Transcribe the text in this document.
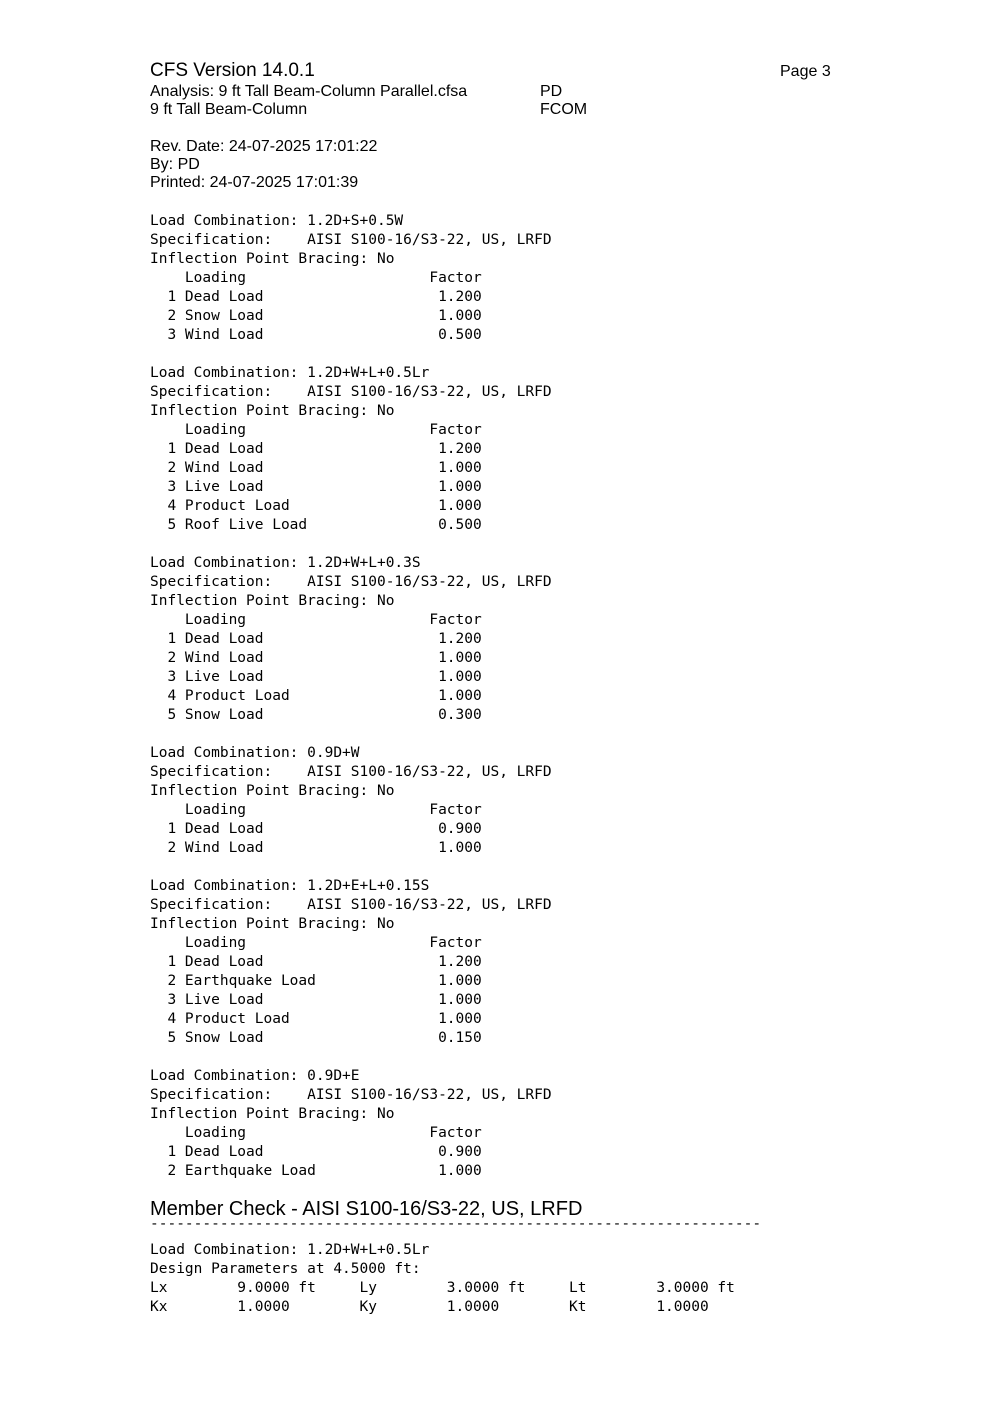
CFS Version 14.0.1	Page 3
Analysis: 9 ft Tall Beam-Column Parallel.cfsa	PD
9 ft Tall Beam-Column	FCOM
Rev. Date: 24-07-2025 17:01:22
By: PD
Printed: 24-07-2025 17:01:39
Load Combination: 1.2D+S+0.5W
Specification:    AISI S100-16/S3-22, US, LRFD
Inflection Point Bracing: No
Loading                     Factor
1 Dead Load                    1.200
2 Snow Load                    1.000
3 Wind Load                    0.500
Load Combination: 1.2D+W+L+0.5Lr
Specification:    AISI S100-16/S3-22, US, LRFD
Inflection Point Bracing: No
Loading                     Factor
1 Dead Load                    1.200
2 Wind Load                    1.000
3 Live Load                    1.000
4 Product Load                 1.000
5 Roof Live Load               0.500
Load Combination: 1.2D+W+L+0.3S
Specification:    AISI S100-16/S3-22, US, LRFD
Inflection Point Bracing: No
Loading                     Factor
1 Dead Load                    1.200
2 Wind Load                    1.000
3 Live Load                    1.000
4 Product Load                 1.000
5 Snow Load                    0.300
Load Combination: 0.9D+W
Specification:    AISI S100-16/S3-22, US, LRFD
Inflection Point Bracing: No
Loading                     Factor
1 Dead Load                    0.900
2 Wind Load                    1.000
Load Combination: 1.2D+E+L+0.15S
Specification:    AISI S100-16/S3-22, US, LRFD
Inflection Point Bracing: No
Loading                     Factor
1 Dead Load                    1.200
2 Earthquake Load              1.000
3 Live Load                    1.000
4 Product Load                 1.000
5 Snow Load                    0.150
Load Combination: 0.9D+E
Specification:    AISI S100-16/S3-22, US, LRFD
Inflection Point Bracing: No
Loading                     Factor
1 Dead Load                    0.900
2 Earthquake Load              1.000
Member Check - AISI S100-16/S3-22, US, LRFD
----------------------------------------------------------------------
Load Combination: 1.2D+W+L+0.5Lr
Design Parameters at 4.5000 ft:
Lx        9.0000 ft     Ly        3.0000 ft     Lt        3.0000 ft
Kx        1.0000        Ky        1.0000        Kt        1.0000
